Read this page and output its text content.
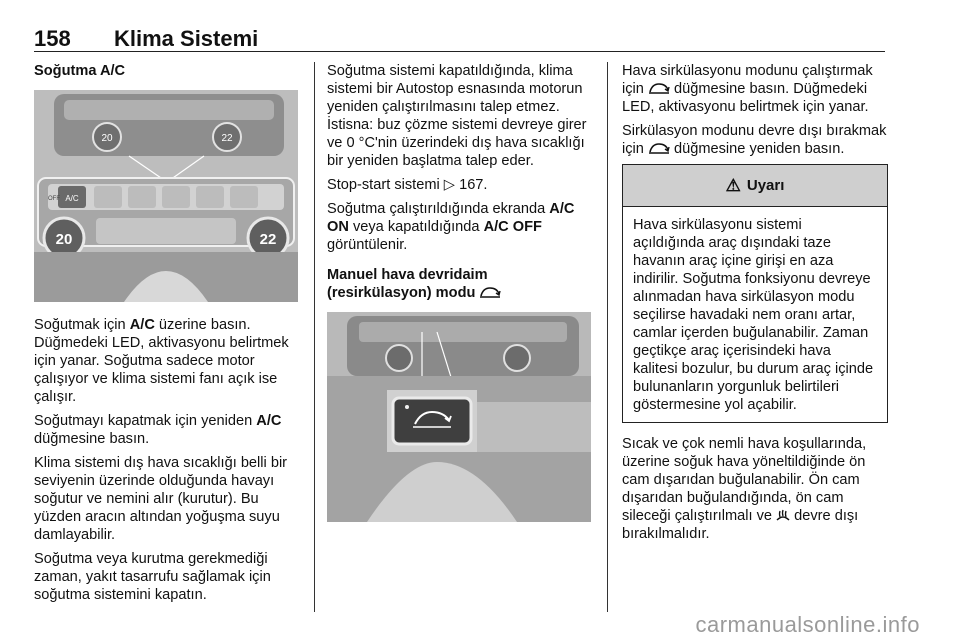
158 Klima Sistemi
Soğutma A/C
20	22
A/C
OFF
20	22
Soğutmak için A/C üzerine basın. Düğmedeki LED, aktivasyonu belirtmek için yanar. Soğutma sadece motor çalışıyor ve klima sistemi fanı açık ise çalışır.
Soğutmayı kapatmak için yeniden A/C düğmesine basın.
Klima sistemi dış hava sıcaklığı belli bir seviyenin üzerinde olduğunda havayı soğutur ve nemini alır (kurutur). Bu yüzden aracın altından yoğuşma suyu damlayabilir.
Soğutma veya kurutma gerekmediği zaman, yakıt tasarrufu sağlamak için soğutma sistemini kapatın.
Soğutma sistemi kapatıldığında, klima sistemi bir Autostop esnasında motorun yeniden çalıştırılmasını talep etmez. İstisna: buz çözme sistemi devreye girer ve 0 °C'nin üzerindeki dış hava sıcaklığı bir yeniden başlatma talep eder.
Stop-start sistemi ▷ 167.
Soğutma çalıştırıldığında ekranda A/C ON veya kapatıldığında A/C OFF görüntülenir.
Manuel hava devridaim (resirkülasyon) modu
Hava sirkülasyonu modunu çalıştırmak için  düğmesine basın. Düğmedeki LED, aktivasyonu belirtmek için yanar.
Sirkülasyon modunu devre dışı bırakmak için  düğmesine yeniden basın.
⚠ Uyarı
Hava sirkülasyonu sistemi açıldığında araç dışındaki taze havanın araç içine girişi en aza indirilir. Soğutma fonksiyonu devreye alınmadan hava sirkülasyon modu seçilirse havadaki nem oranı artar, camlar içerden buğulanabilir. Zaman geçtikçe araç içerisindeki hava kalitesi bozulur, bu durum araç içinde bulunanların yorgunluk belirtileri göstermesine yol açabilir.
Sıcak ve çok nemli hava koşullarında, üzerine soğuk hava yöneltildiğinde ön cam dışarıdan buğulanabilir. Ön cam dışarıdan buğulandığında, ön cam sileceği çalıştırılmalı ve  devre dışı bırakılmalıdır.
carmanualsonline.info
